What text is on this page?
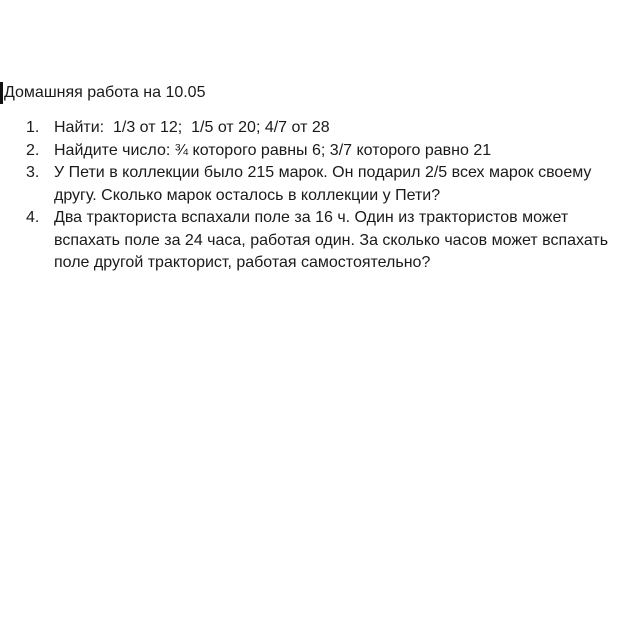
Домашняя работа на 10.05
1. Найти:  1/3 от 12;  1/5 от 20; 4/7 от 28
2. Найдите число: ¾ которого равны 6; 3/7 которого равно 21
3. У Пети в коллекции было 215 марок. Он подарил 2/5 всех марок своему
другу. Сколько марок осталось в коллекции у Пети?
4. Два тракториста вспахали поле за 16 ч. Один из трактористов может
вспахать поле за 24 часа, работая один. За сколько часов может вспахать
поле другой тракторист, работая самостоятельно?
